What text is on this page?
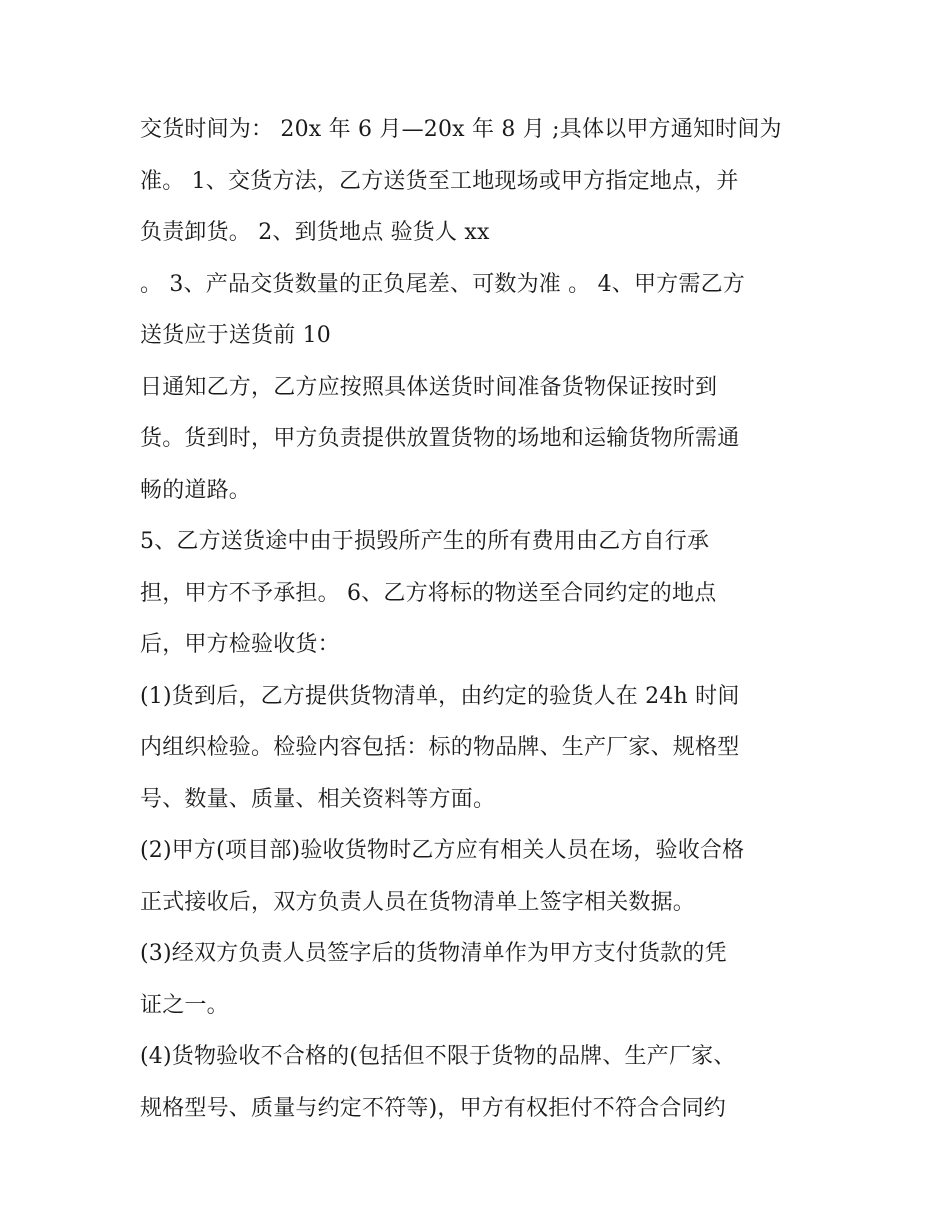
交货时间为： 20x 年 6 月—20x 年 8 月 ;具体以甲方通知时间为
准。 1、交货方法，乙方送货至工地现场或甲方指定地点，并
负责卸货。 2、到货地点 验货人 xx
。 3、产品交货数量的正负尾差、可数为准 。 4、甲方需乙方
送货应于送货前 10
日通知乙方，乙方应按照具体送货时间准备货物保证按时到
货。货到时，甲方负责提供放置货物的场地和运输货物所需通
畅的道路。
5、乙方送货途中由于损毁所产生的所有费用由乙方自行承
担，甲方不予承担。 6、乙方将标的物送至合同约定的地点
后，甲方检验收货：
(1)货到后，乙方提供货物清单，由约定的验货人在 24h 时间
内组织检验。检验内容包括：标的物品牌、生产厂家、规格型
号、数量、质量、相关资料等方面。
(2)甲方(项目部)验收货物时乙方应有相关人员在场，验收合格
正式接收后，双方负责人员在货物清单上签字相关数据。
(3)经双方负责人员签字后的货物清单作为甲方支付货款的凭
证之一。
(4)货物验收不合格的(包括但不限于货物的品牌、生产厂家、
规格型号、质量与约定不符等)，甲方有权拒付不符合合同约
